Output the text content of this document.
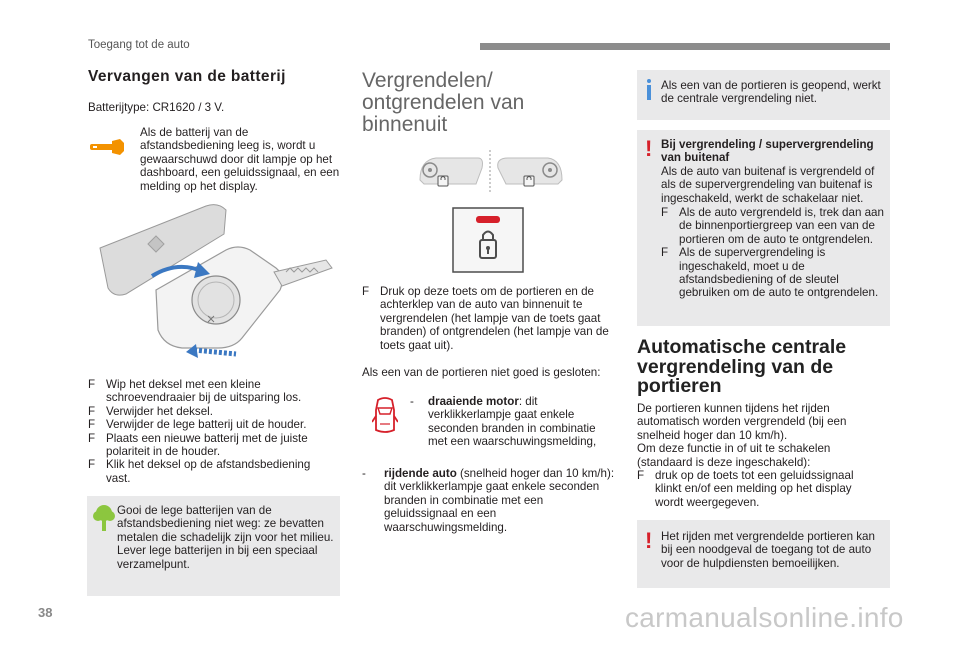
Toegang tot de auto
Vervangen van de batterij
Batterijtype: CR1620 / 3 V.
Als de batterij van de afstandsbediening leeg is, wordt u gewaarschuwd door dit lampje op het dashboard, een geluidssignaal, en een melding op het display.
F Wip het deksel met een kleine schroevendraaier bij de uitsparing los.
F Verwijder het deksel.
F Verwijder de lege batterij uit de houder.
F Plaats een nieuwe batterij met de juiste polariteit in de houder.
F Klik het deksel op de afstandsbediening vast.
Gooi de lege batterijen van de afstandsbediening niet weg: ze bevatten metalen die schadelijk zijn voor het milieu.
Lever lege batterijen in bij een speciaal verzamelpunt.
Vergrendelen/
ontgrendelen van
binnenuit
F Druk op deze toets om de portieren en de achterklep van de auto van binnenuit te vergrendelen (het lampje van de toets gaat branden) of ontgrendelen (het lampje van de toets gaat uit).
Als een van de portieren niet goed is gesloten:
- draaiende motor: dit verklikkerlampje gaat enkele seconden branden in combinatie met een waarschuwingsmelding,
- rijdende auto (snelheid hoger dan 10 km/h): dit verklikkerlampje gaat enkele seconden branden in combinatie met een geluidssignaal en een waarschuwingsmelding.
Als een van de portieren is geopend, werkt de centrale vergrendeling niet.
! Bij vergrendeling / supervergrendeling van buitenaf
Als de auto van buitenaf is vergrendeld of als de supervergrendeling van buitenaf is ingeschakeld, werkt de schakelaar niet.
F Als de auto vergrendeld is, trek dan aan de binnenportiergreep van een van de portieren om de auto te ontgrendelen.
F Als de supervergrendeling is ingeschakeld, moet u de afstandsbediening of de sleutel gebruiken om de auto te ontgrendelen.
Automatische centrale
vergrendeling van de
portieren
De portieren kunnen tijdens het rijden automatisch worden vergrendeld (bij een snelheid hoger dan 10 km/h).
Om deze functie in of uit te schakelen (standaard is deze ingeschakeld):
F druk op de toets tot een geluidssignaal klinkt en/of een melding op het display wordt weergegeven.
! Het rijden met vergrendelde portieren kan bij een noodgeval de toegang tot de auto voor de hulpdiensten bemoeilijken.
38	carmanualsonline.info
